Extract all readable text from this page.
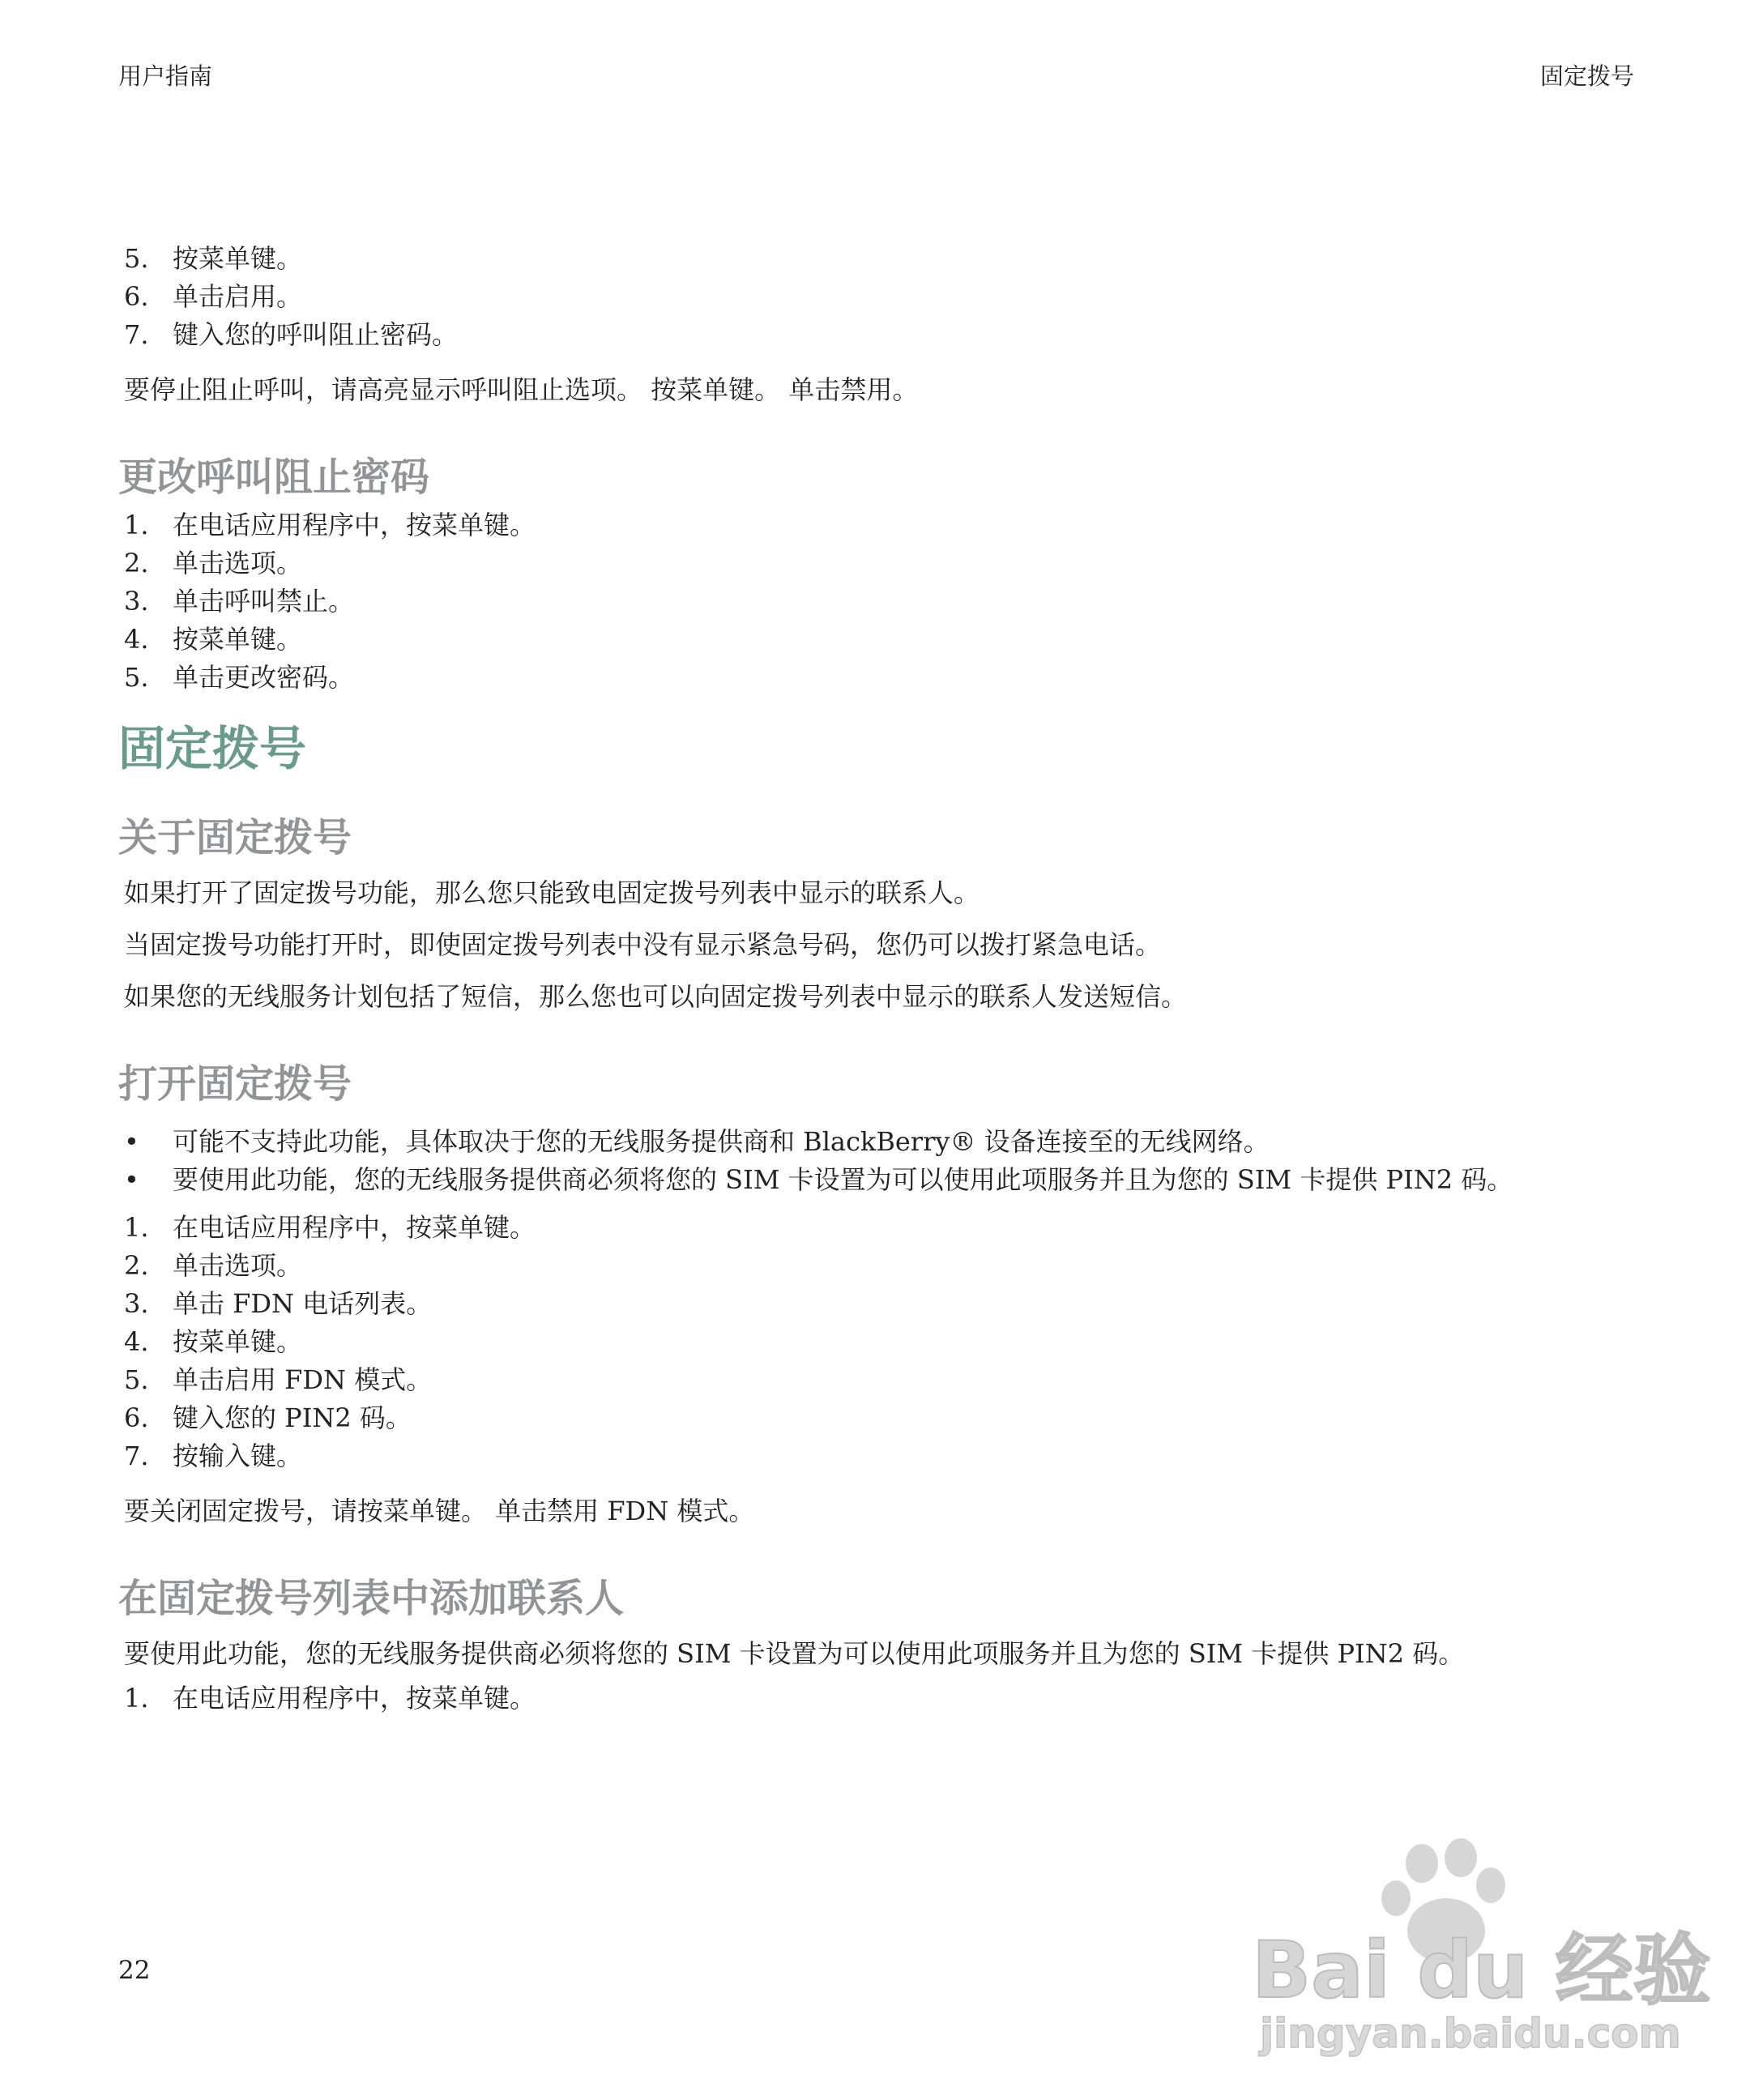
用户指南	固定拨号
5. 按菜单键。
6. 单击启用。
7. 键入您的呼叫阻止密码。

要停止阻止呼叫，请高亮显示呼叫阻止选项。 按菜单键。 单击禁用。

更改呼叫阻止密码
1. 在电话应用程序中，按菜单键。
2. 单击选项。
3. 单击呼叫禁止。
4. 按菜单键。
5. 单击更改密码。
固定拨号
关于固定拨号

如果打开了固定拨号功能，那么您只能致电固定拨号列表中显示的联系人。

当固定拨号功能打开时，即使固定拨号列表中没有显示紧急号码，您仍可以拨打紧急电话。

如果您的无线服务计划包括了短信，那么您也可以向固定拨号列表中显示的联系人发送短信。

打开固定拨号
•	可能不支持此功能，具体取决于您的无线服务提供商和 BlackBerry® 设备连接至的无线网络。
•	要使用此功能，您的无线服务提供商必须将您的 SIM 卡设置为可以使用此项服务并且为您的 SIM 卡提供 PIN2 码。
1. 在电话应用程序中，按菜单键。
2. 单击选项。
3. 单击 FDN 电话列表。
4. 按菜单键。
5. 单击启用 FDN 模式。
6. 键入您的 PIN2 码。
7. 按输入键。

要关闭固定拨号，请按菜单键。 单击禁用 FDN 模式。

在固定拨号列表中添加联系人

要使用此功能，您的无线服务提供商必须将您的 SIM 卡设置为可以使用此项服务并且为您的 SIM 卡提供 PIN2 码。

1. 在电话应用程序中，按菜单键。
22	Bai du 经验
jingyan.baidu.com
